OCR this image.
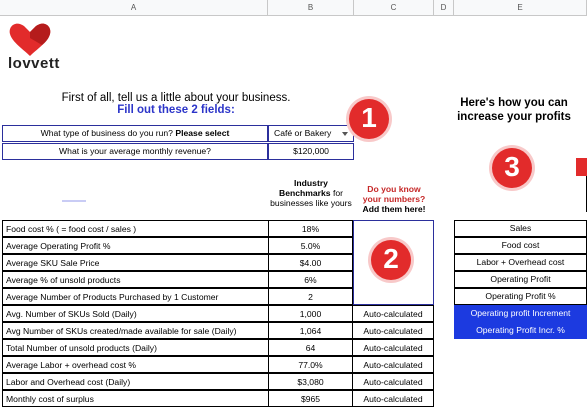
A	B	C	D	E
lovvett
First of all, tell us a little about your business.
Fill out these 2 fields:
What type of business do you run? Please select	Café or Bakery
What is your average monthly revenue?	$120,000
1
2
3
Here's how you can
increase your profits
Industry Benchmarks for businesses like yours
Do you know
your numbers?
Add them here!
Food cost % ( = food cost / sales )	18%
Average Operating Profit %	5.0%
Average SKU Sale Price	$4.00
Average % of unsold products	6%
Average Number of Products Purchased by 1 Customer	2
Avg. Number of SKUs Sold (Daily)	1,000	Auto-calculated
Avg Number of SKUs created/made available for sale (Daily)	1,064	Auto-calculated
Total Number of unsold products (Daily)	64	Auto-calculated
Average Labor + overhead cost %	77.0%	Auto-calculated
Labor and Overhead cost (Daily)	$3,080	Auto-calculated
Monthly cost of surplus	$965	Auto-calculated
Sales
Food cost
Labor + Overhead cost
Operating Profit
Operating Profit %
Operating profit Increment
Operating Profit Incr. %
